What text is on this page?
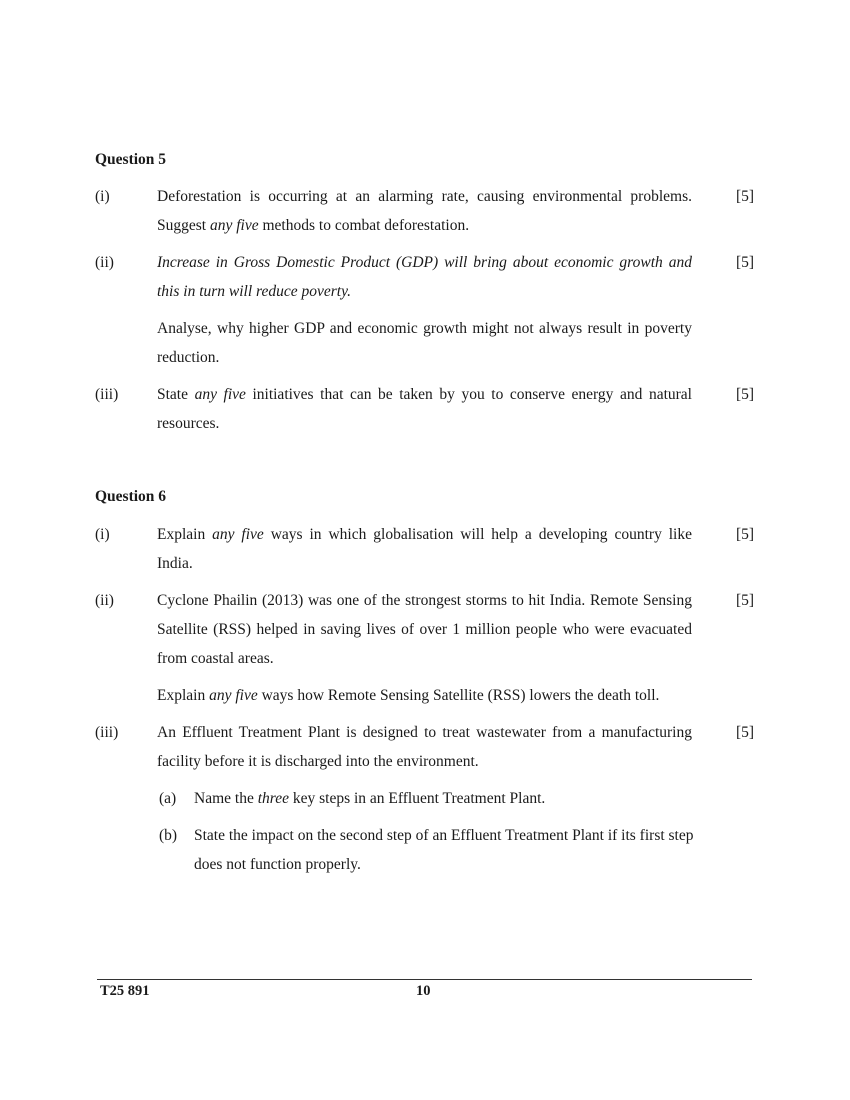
Question 5
(i)	Deforestation is occurring at an alarming rate, causing environmental problems. Suggest any five methods to combat deforestation.
[5]
(ii)	Increase in Gross Domestic Product (GDP) will bring about economic growth and this in turn will reduce poverty.
[5]
Analyse, why higher GDP and economic growth might not always result in poverty reduction.
(iii)	State any five initiatives that can be taken by you to conserve energy and natural resources.
[5]
Question 6
(i)	Explain any five ways in which globalisation will help a developing country like India.
[5]
(ii)	Cyclone Phailin (2013) was one of the strongest storms to hit India. Remote Sensing Satellite (RSS) helped in saving lives of over 1 million people who were evacuated from coastal areas.
[5]
Explain any five ways how Remote Sensing Satellite (RSS) lowers the death toll.
(iii)	An Effluent Treatment Plant is designed to treat wastewater from a manufacturing facility before it is discharged into the environment.
[5]
(a) Name the three key steps in an Effluent Treatment Plant.
(b) State the impact on the second step of an Effluent Treatment Plant if its first step does not function properly.
T25 891	10
